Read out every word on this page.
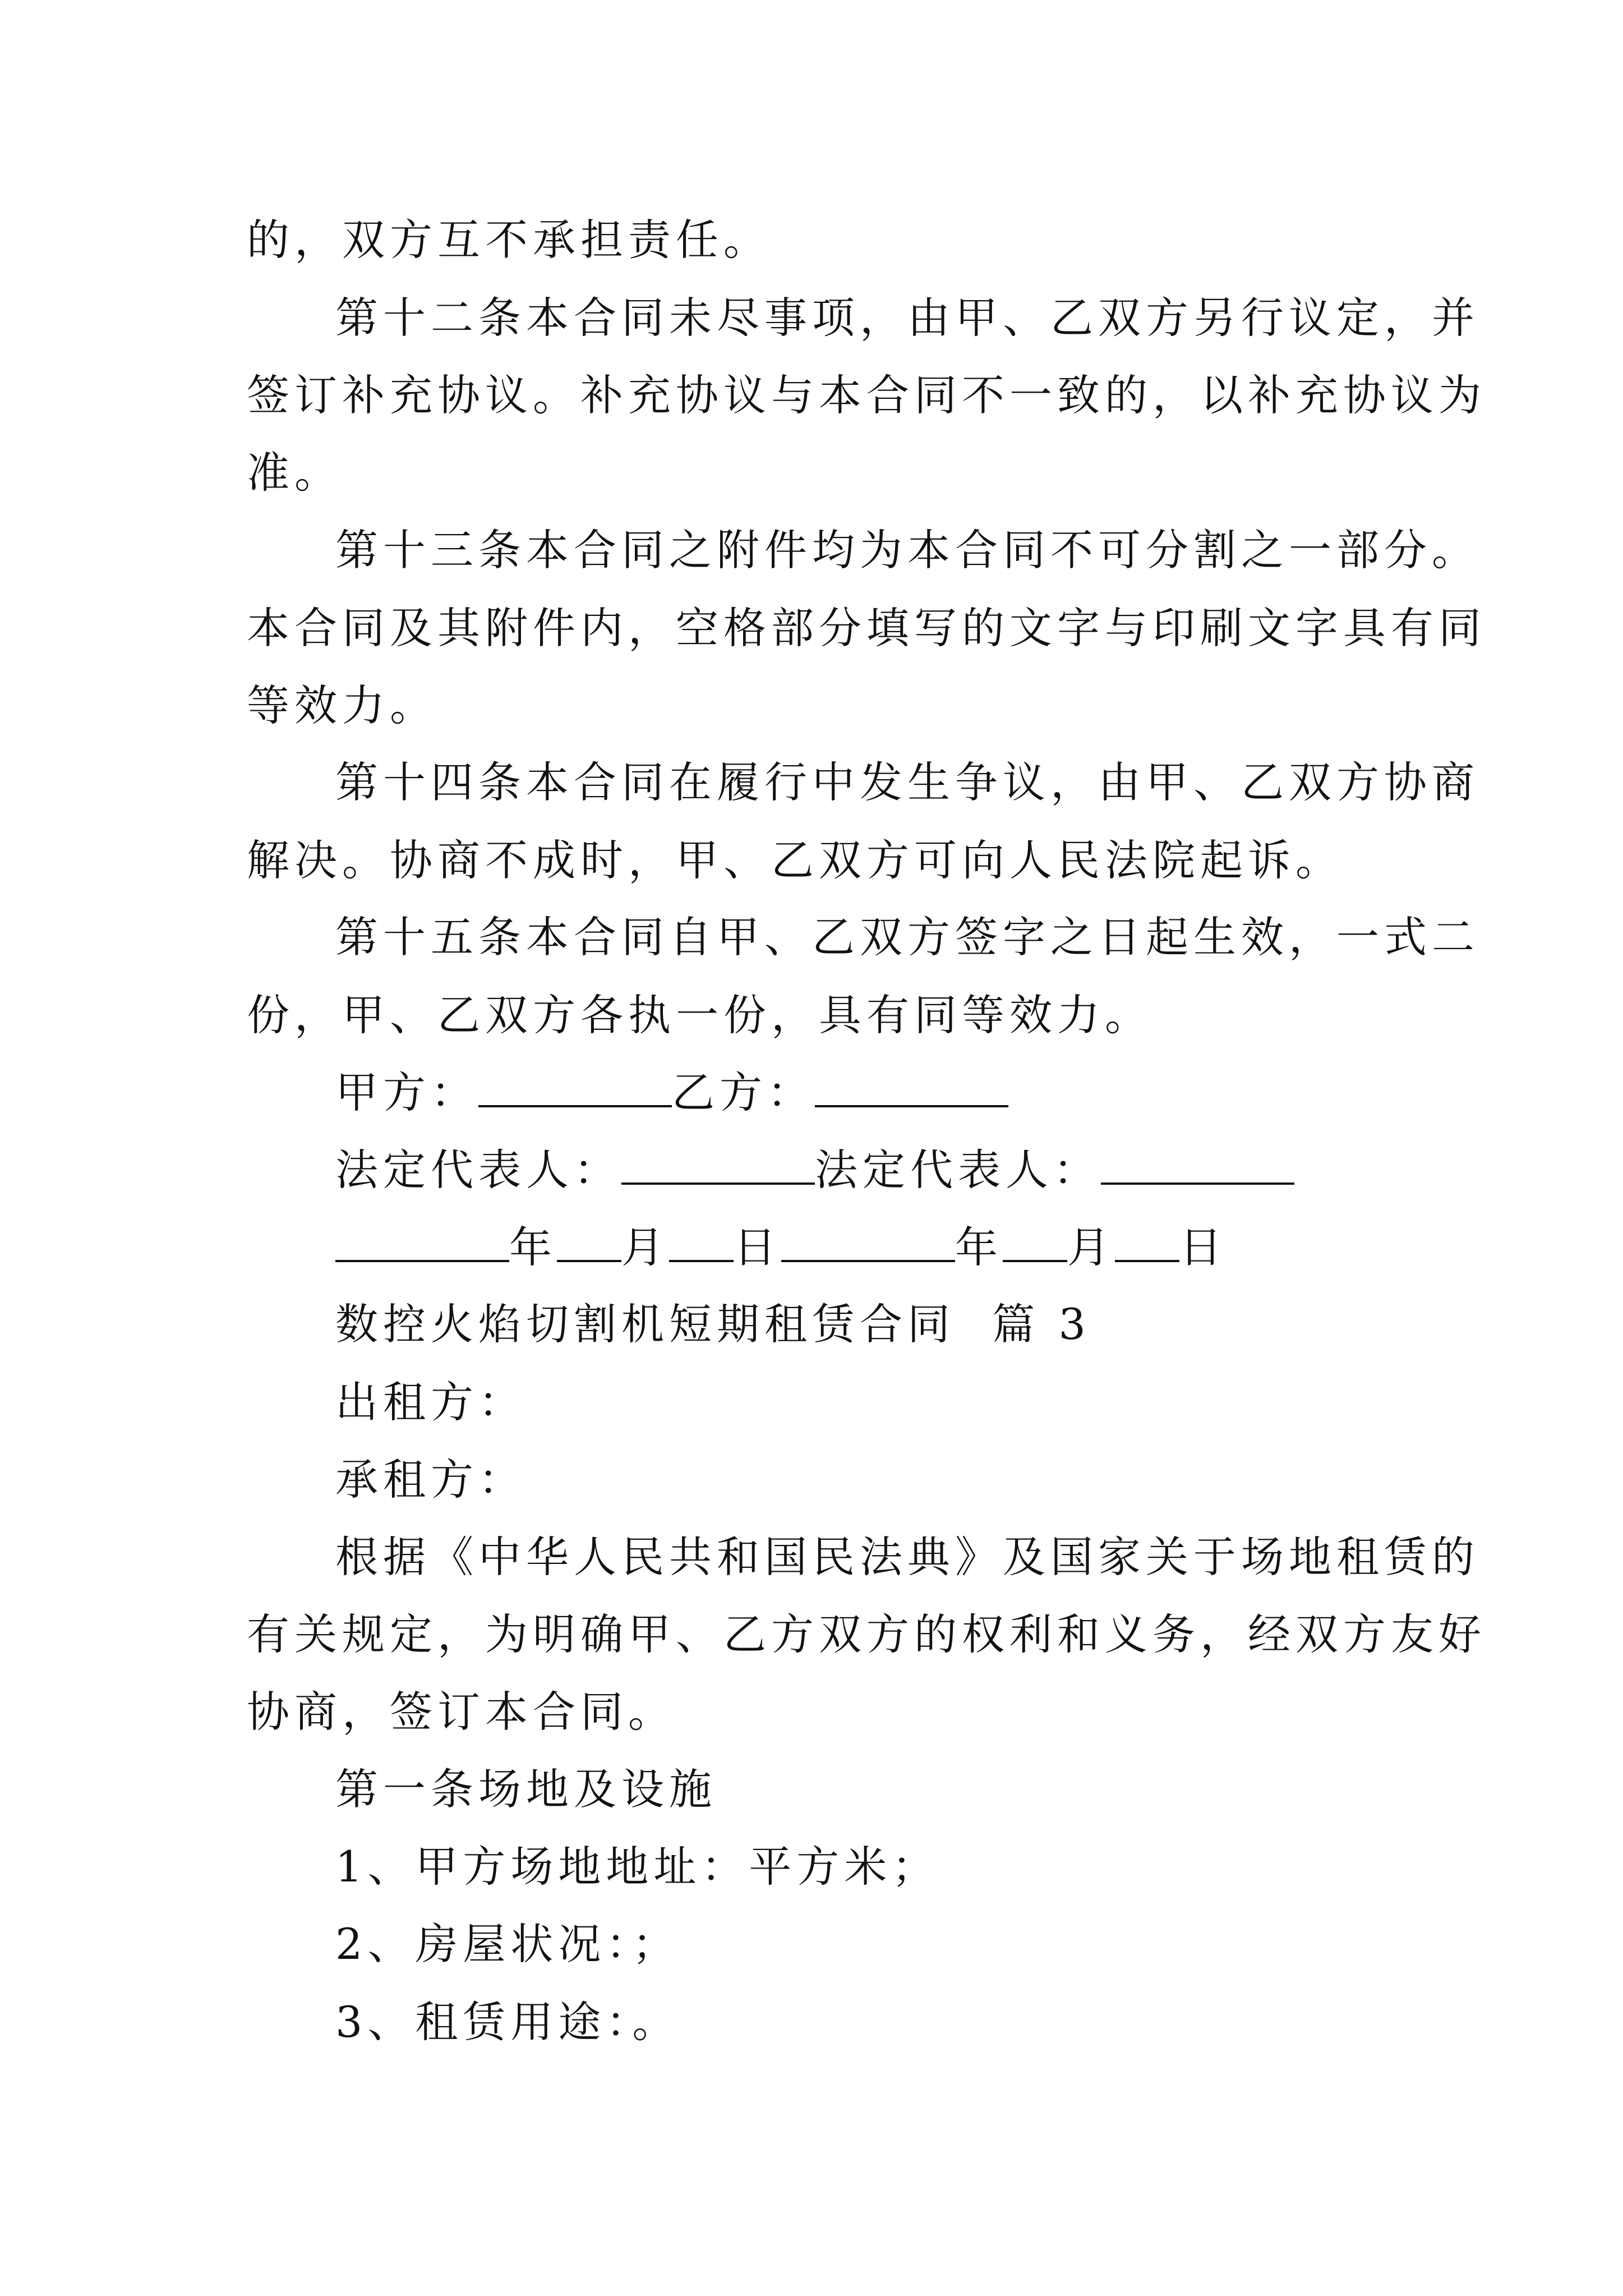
的，双方互不承担责任。
第十二条本合同未尽事项，由甲、乙双方另行议定，并
签订补充协议。补充协议与本合同不一致的，以补充协议为
准。
第十三条本合同之附件均为本合同不可分割之一部分。
本合同及其附件内，空格部分填写的文字与印刷文字具有同
等效力。
第十四条本合同在履行中发生争议，由甲、乙双方协商
解决。协商不成时，甲、乙双方可向人民法院起诉。
第十五条本合同自甲、乙双方签字之日起生效，一式二
份，甲、乙双方各执一份，具有同等效力。
甲方：	乙方：
法定代表人：	法定代表人：
年 月 日	年 月 日
数控火焰切割机短期租赁合同  篇 3
出租方：
承租方：
根据《中华人民共和国民法典》及国家关于场地租赁的
有关规定，为明确甲、乙方双方的权利和义务，经双方友好
协商，签订本合同。
第一条场地及设施
1、甲方场地地址：平方米；
2、房屋状况：；
3、租赁用途：。
